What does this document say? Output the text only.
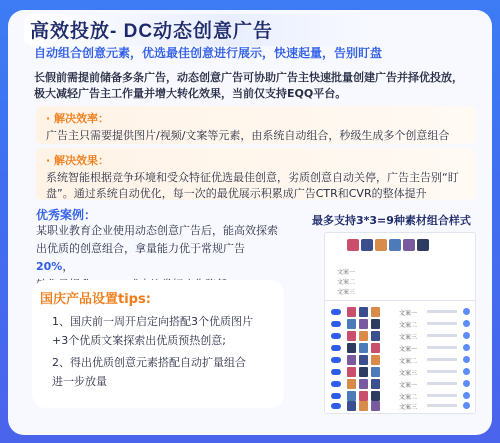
高效投放- DC动态创意广告
自动组合创意元素，优选最佳创意进行展示，快速起量，告别盯盘
长假前需提前储备多条广告，动态创意广告可协助广告主快速批量创建广告并择优投放，极大减轻广告主工作量并增大转化效果，当前仅支持EQQ平台。
· 解决效率：
广告主只需要提供图片/视频/文案等元素，由系统自动组合，秒级生成多个创意组合
· 解决效果：
系统智能根据竞争环境和受众特征优选最佳创意，劣质创意自动关停，广告主告别“盯盘”。通过系统自动优化，每一次的最优展示积累成广告CTR和CVR的整体提升
优秀案例：
某职业教育企业使用动态创意广告后，能高效探索
出优质的创意组合，拿量能力优于常规广告20%，
国庆产品设置tips:
1、国庆前一周开启定向搭配3个优质图片
+3个优质文案探索出优质预热创意;
2、得出优质创意元素搭配自动扩量组合
进一步放量
最多支持3*3=9种素材组合样式
文案一
文案二
文案三
文案一
文案二
文案三
文案一
文案二
文案三
文案一
文案二
文案三
